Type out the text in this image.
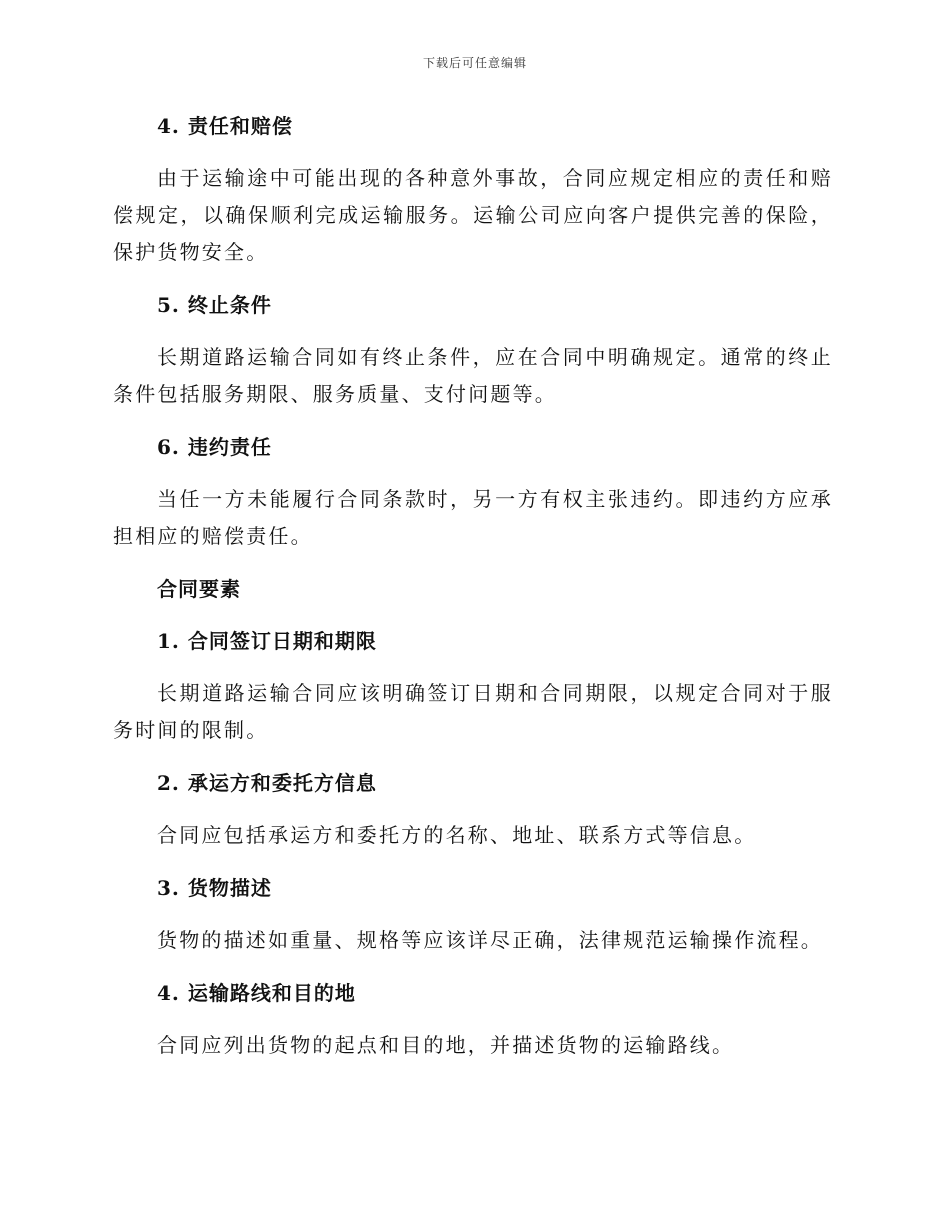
下载后可任意编辑
4. 责任和赔偿

由于运输途中可能出现的各种意外事故，合同应规定相应的责任和赔偿规定，以确保顺利完成运输服务。运输公司应向客户提供完善的保险，保护货物安全。

5. 终止条件

长期道路运输合同如有终止条件，应在合同中明确规定。通常的终止条件包括服务期限、服务质量、支付问题等。

6. 违约责任

当任一方未能履行合同条款时，另一方有权主张违约。即违约方应承担相应的赔偿责任。

合同要素
1. 合同签订日期和期限

长期道路运输合同应该明确签订日期和合同期限，以规定合同对于服务时间的限制。

2. 承运方和委托方信息

合同应包括承运方和委托方的名称、地址、联系方式等信息。

3. 货物描述

货物的描述如重量、规格等应该详尽正确，法律规范运输操作流程。

4. 运输路线和目的地

合同应列出货物的起点和目的地，并描述货物的运输路线。
